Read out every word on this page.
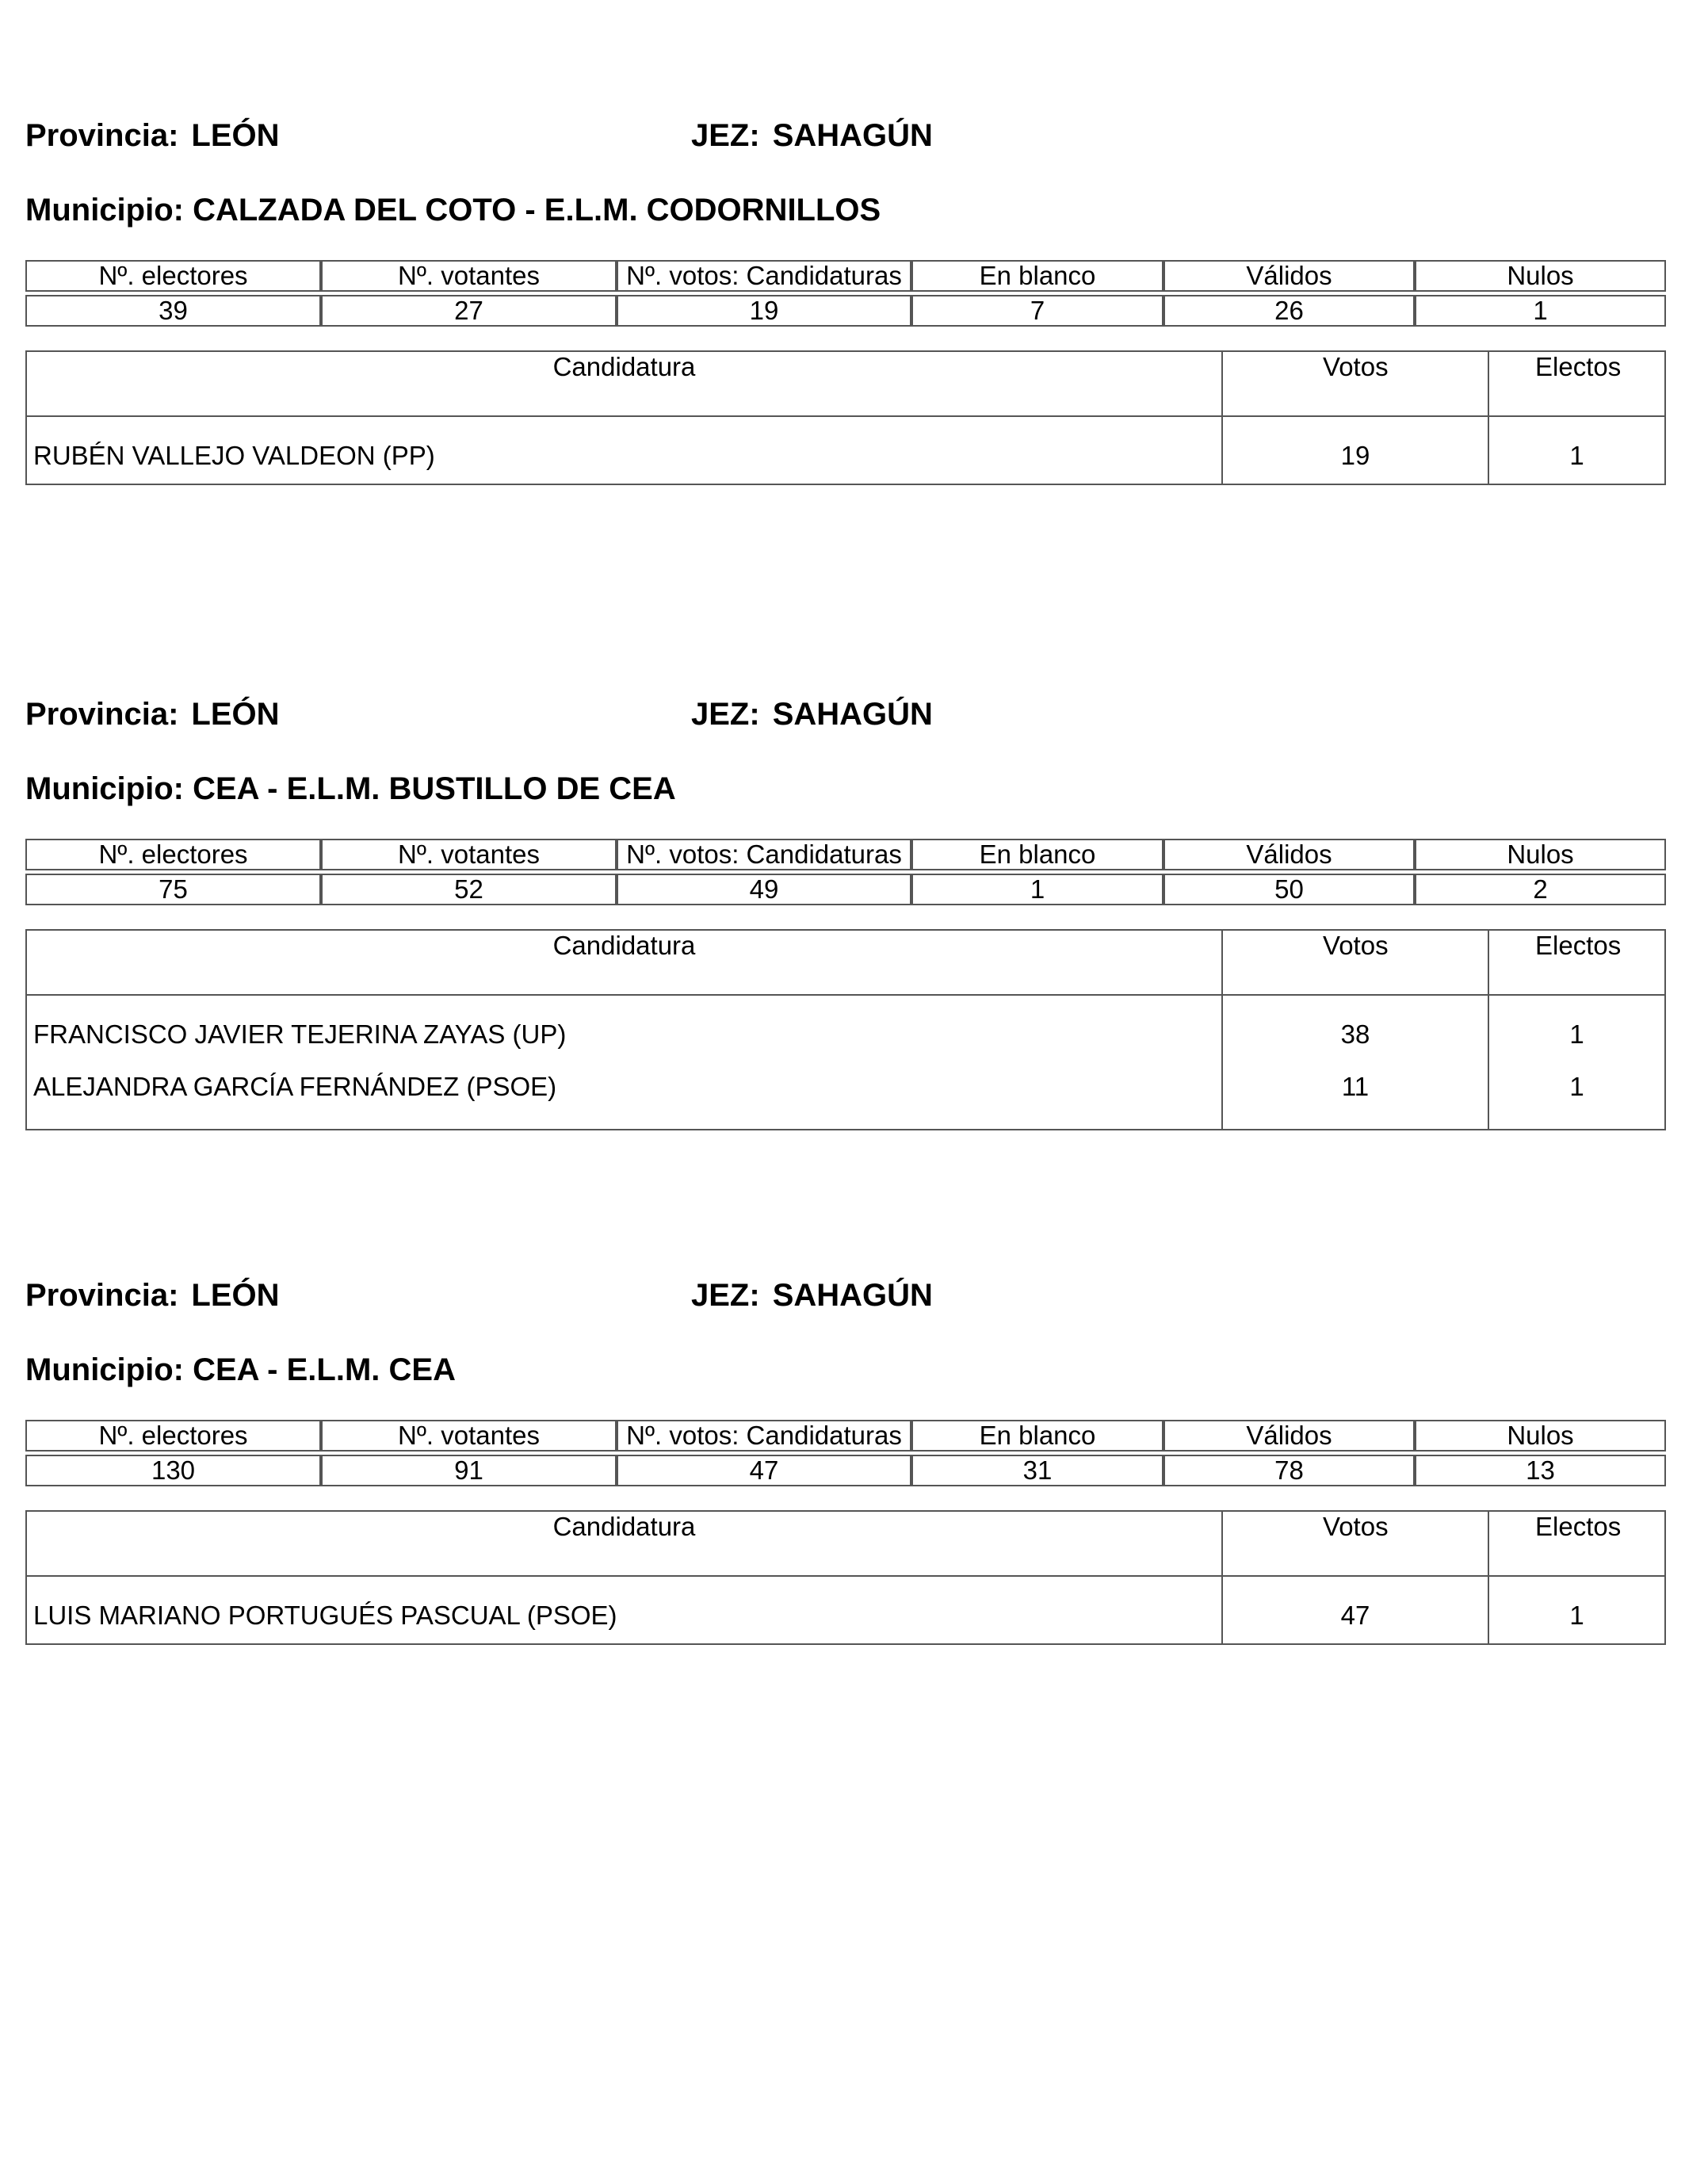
Provincia: LEÓN	JEZ: SAHAGÚN
Municipio: CALZADA DEL COTO - E.L.M. CODORNILLOS
Nº. electores	Nº. votantes	Nº. votos: Candidaturas	En blanco	Válidos	Nulos

39	27	19	7	26	1
Candidatura	Votos	Electos
RUBÉN VALLEJO VALDEON (PP)	19	1
Provincia: LEÓN	JEZ: SAHAGÚN
Municipio: CEA - E.L.M. BUSTILLO DE CEA
Nº. electores	Nº. votantes	Nº. votos: Candidaturas	En blanco	Válidos	Nulos

75	52	49	1	50	2
Candidatura	Votos	Electos
FRANCISCO JAVIER TEJERINA ZAYAS (UP)	38	1
ALEJANDRA GARCÍA FERNÁNDEZ (PSOE)	11	1
Provincia: LEÓN	JEZ: SAHAGÚN
Municipio: CEA - E.L.M. CEA
Nº. electores	Nº. votantes	Nº. votos: Candidaturas	En blanco	Válidos	Nulos

130	91	47	31	78	13
Candidatura	Votos	Electos
LUIS MARIANO PORTUGUÉS PASCUAL (PSOE)	47	1
